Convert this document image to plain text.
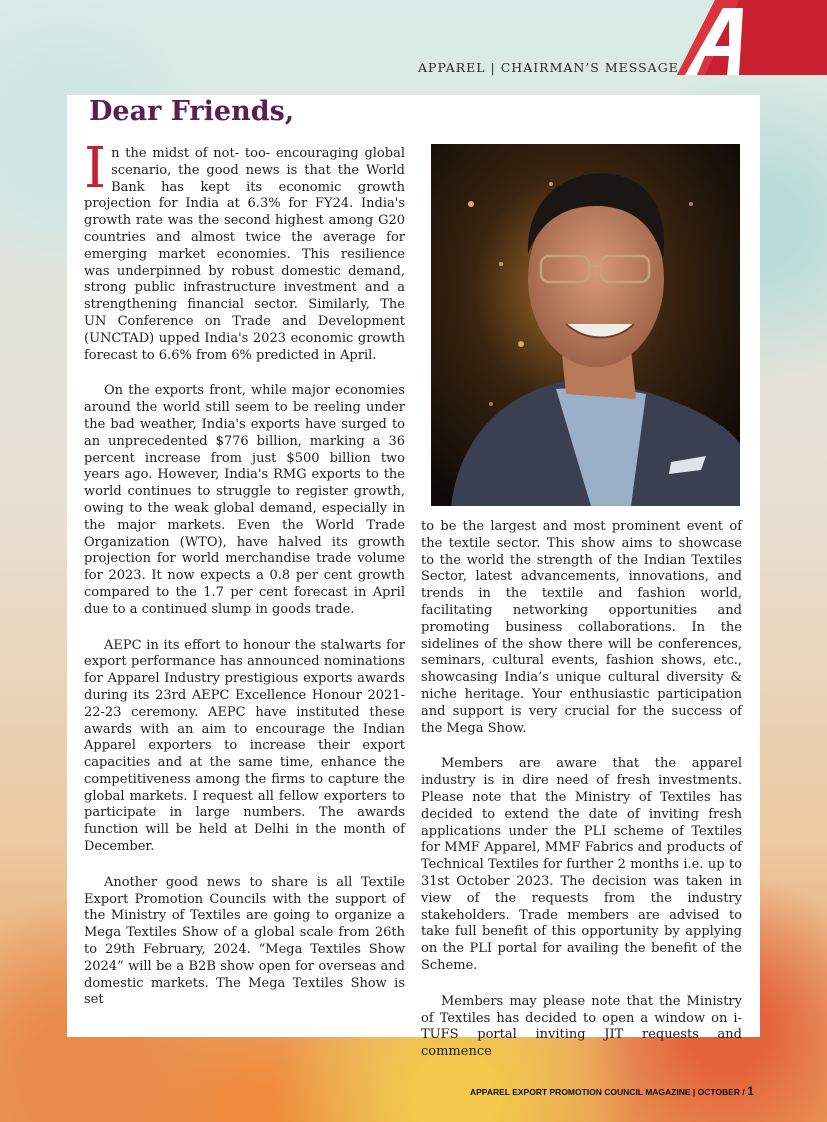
APPAREL | CHAIRMAN’S MESSAGE
Dear Friends,

In the midst of not- too- encouraging global scenario, the good news is that the World Bank has kept its economic growth projection for India at 6.3% for FY24. India's growth rate was the second highest among G20 countries and almost twice the average for emerging market economies. This resilience was underpinned by robust domestic demand, strong public infrastructure investment and a strengthening financial sector. Similarly, The UN Conference on Trade and Development (UNCTAD) upped India's 2023 economic growth forecast to 6.6% from 6% predicted in April.

On the exports front, while major economies around the world still seem to be reeling under the bad weather, India's exports have surged to an unprecedented $776 billion, marking a 36 percent increase from just $500 billion two years ago. However, India's RMG exports to the world continues to struggle to register growth, owing to the weak global demand, especially in the major markets. Even the World Trade Organization (WTO), have halved its growth projection for world merchandise trade volume for 2023. It now expects a 0.8 per cent growth compared to the 1.7 per cent forecast in April due to a continued slump in goods trade.

AEPC in its effort to honour the stalwarts for export performance has announced nominations for Apparel Industry prestigious exports awards during its 23rd AEPC Excellence Honour 2021-22-23 ceremony. AEPC have instituted these awards with an aim to encourage the Indian Apparel exporters to increase their export capacities and at the same time, enhance the competitiveness among the firms to capture the global markets. I request all fellow exporters to participate in large numbers. The awards function will be held at Delhi in the month of December.

Another good news to share is all Textile Export Promotion Councils with the support of the Ministry of Textiles are going to organize a Mega Textiles Show of a global scale from 26th to 29th February, 2024. “Mega Textiles Show 2024” will be a B2B show open for overseas and domestic markets. The Mega Textiles Show is set

to be the largest and most prominent event of the textile sector. This show aims to showcase to the world the strength of the Indian Textiles Sector, latest advancements, innovations, and trends in the textile and fashion world, facilitating networking opportunities and promoting business collaborations. In the sidelines of the show there will be conferences, seminars, cultural events, fashion shows, etc., showcasing India’s unique cultural diversity & niche heritage. Your enthusiastic participation and support is very crucial for the success of the Mega Show.

Members are aware that the apparel industry is in dire need of fresh investments. Please note that the Ministry of Textiles has decided to extend the date of inviting fresh applications under the PLI scheme of Textiles for MMF Apparel, MMF Fabrics and products of Technical Textiles for further 2 months i.e. up to 31st October 2023. The decision was taken in view of the requests from the industry stakeholders. Trade members are advised to take full benefit of this opportunity by applying on the PLI portal for availing the benefit of the Scheme.

Members may please note that the Ministry of Textiles has decided to open a window on i-TUFS portal inviting JIT requests and commence

APPAREL EXPORT PROMOTION COUNCIL MAGAZINE | OCTOBER / 1
